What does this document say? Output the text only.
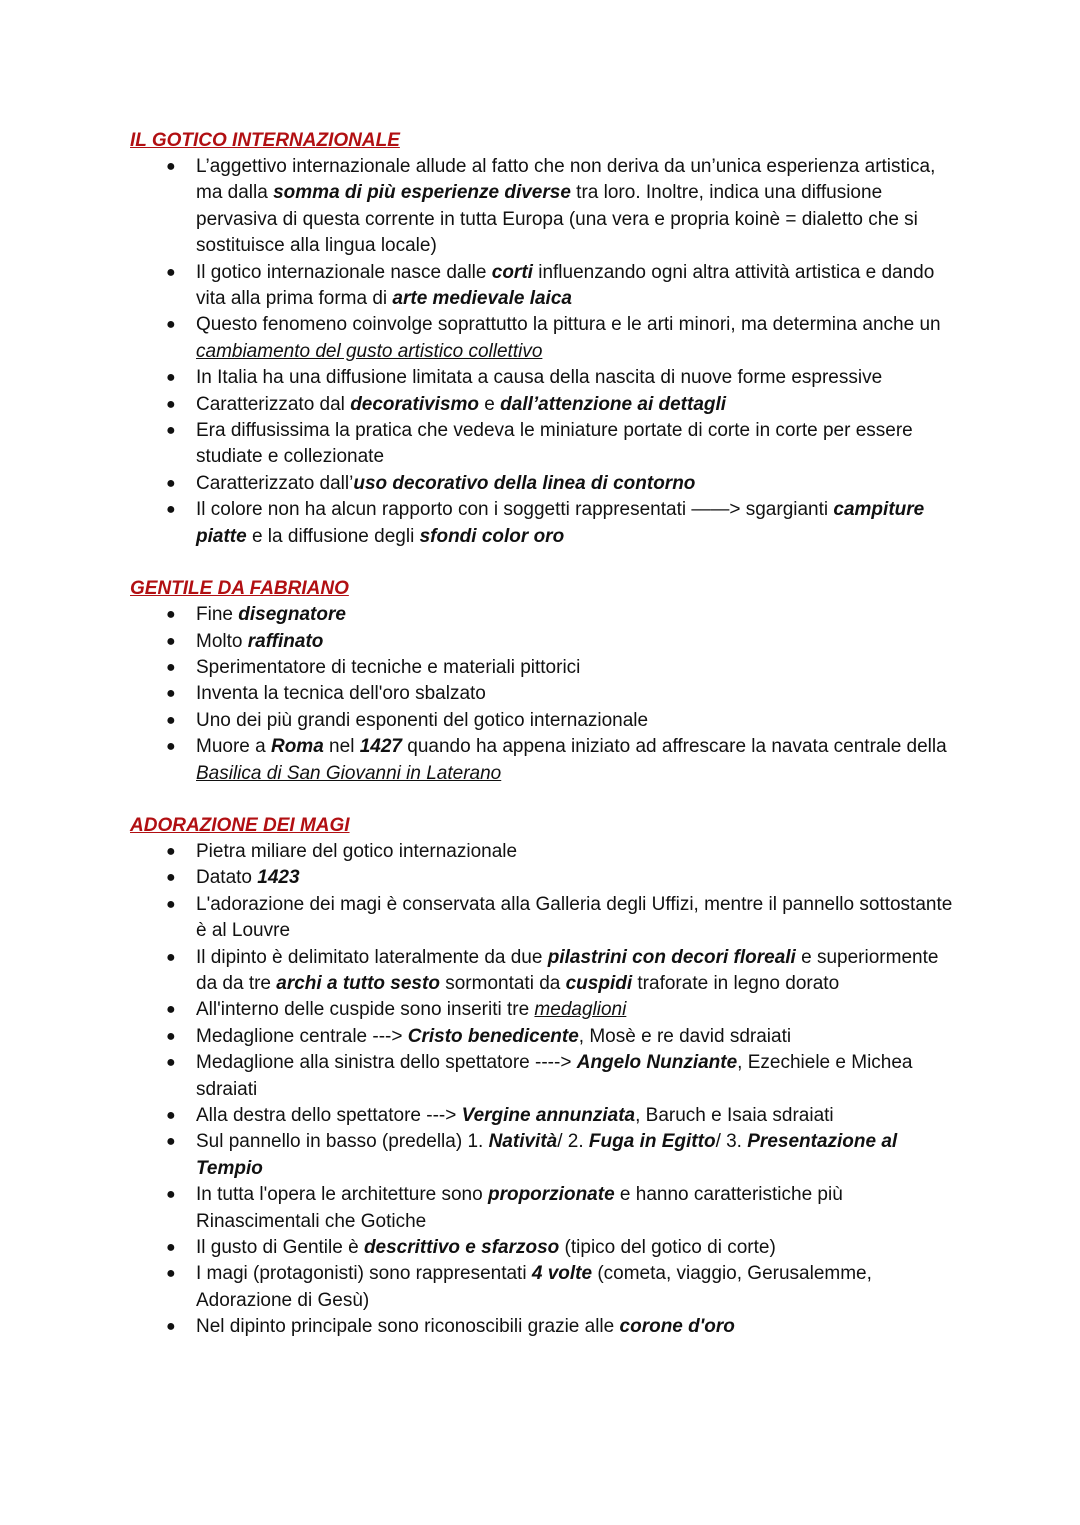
IL GOTICO INTERNAZIONALE
● L’aggettivo internazionale allude al fatto che non deriva da un’unica esperienza artistica, ma dalla somma di più esperienze diverse tra loro. Inoltre, indica una diffusione pervasiva di questa corrente in tutta Europa (una vera e propria koinè = dialetto che si sostituisce alla lingua locale)
● Il gotico internazionale nasce dalle corti influenzando ogni altra attività artistica e dando vita alla prima forma di arte medievale laica
● Questo fenomeno coinvolge soprattutto la pittura e le arti minori, ma determina anche un cambiamento del gusto artistico collettivo
● In Italia ha una diffusione limitata a causa della nascita di nuove forme espressive
● Caratterizzato dal decorativismo e dall’attenzione ai dettagli
● Era diffusissima la pratica che vedeva le miniature portate di corte in corte per essere studiate e collezionate
● Caratterizzato dall’uso decorativo della linea di contorno
● Il colore non ha alcun rapporto con i soggetti rappresentati ——> sgargianti campiture piatte e la diffusione degli sfondi color oro
GENTILE DA FABRIANO
● Fine disegnatore
● Molto raffinato
● Sperimentatore di tecniche e materiali pittorici
● Inventa la tecnica dell'oro sbalzato
● Uno dei più grandi esponenti del gotico internazionale
● Muore a Roma nel 1427 quando ha appena iniziato ad affrescare la navata centrale della Basilica di San Giovanni in Laterano
ADORAZIONE DEI MAGI
● Pietra miliare del gotico internazionale
● Datato 1423
● L'adorazione dei magi è conservata alla Galleria degli Uffizi, mentre il pannello sottostante è al Louvre
● Il dipinto è delimitato lateralmente da due pilastrini con decori floreali e superiormente da da tre archi a tutto sesto sormontati da cuspidi traforate in legno dorato
● All'interno delle cuspide sono inseriti tre medaglioni
● Medaglione centrale ---> Cristo benedicente, Mosè e re david sdraiati
● Medaglione alla sinistra dello spettatore ----> Angelo Nunziante, Ezechiele e Michea sdraiati
● Alla destra dello spettatore ---> Vergine annunziata, Baruch e Isaia sdraiati
● Sul pannello in basso (predella) 1. Natività/ 2. Fuga in Egitto/ 3. Presentazione al Tempio
● In tutta l'opera le architetture sono proporzionate e hanno caratteristiche più Rinascimentali che Gotiche
● Il gusto di Gentile è descrittivo e sfarzoso (tipico del gotico di corte)
● I magi (protagonisti) sono rappresentati 4 volte (cometa, viaggio, Gerusalemme, Adorazione di Gesù)
● Nel dipinto principale sono riconoscibili grazie alle corone d'oro
